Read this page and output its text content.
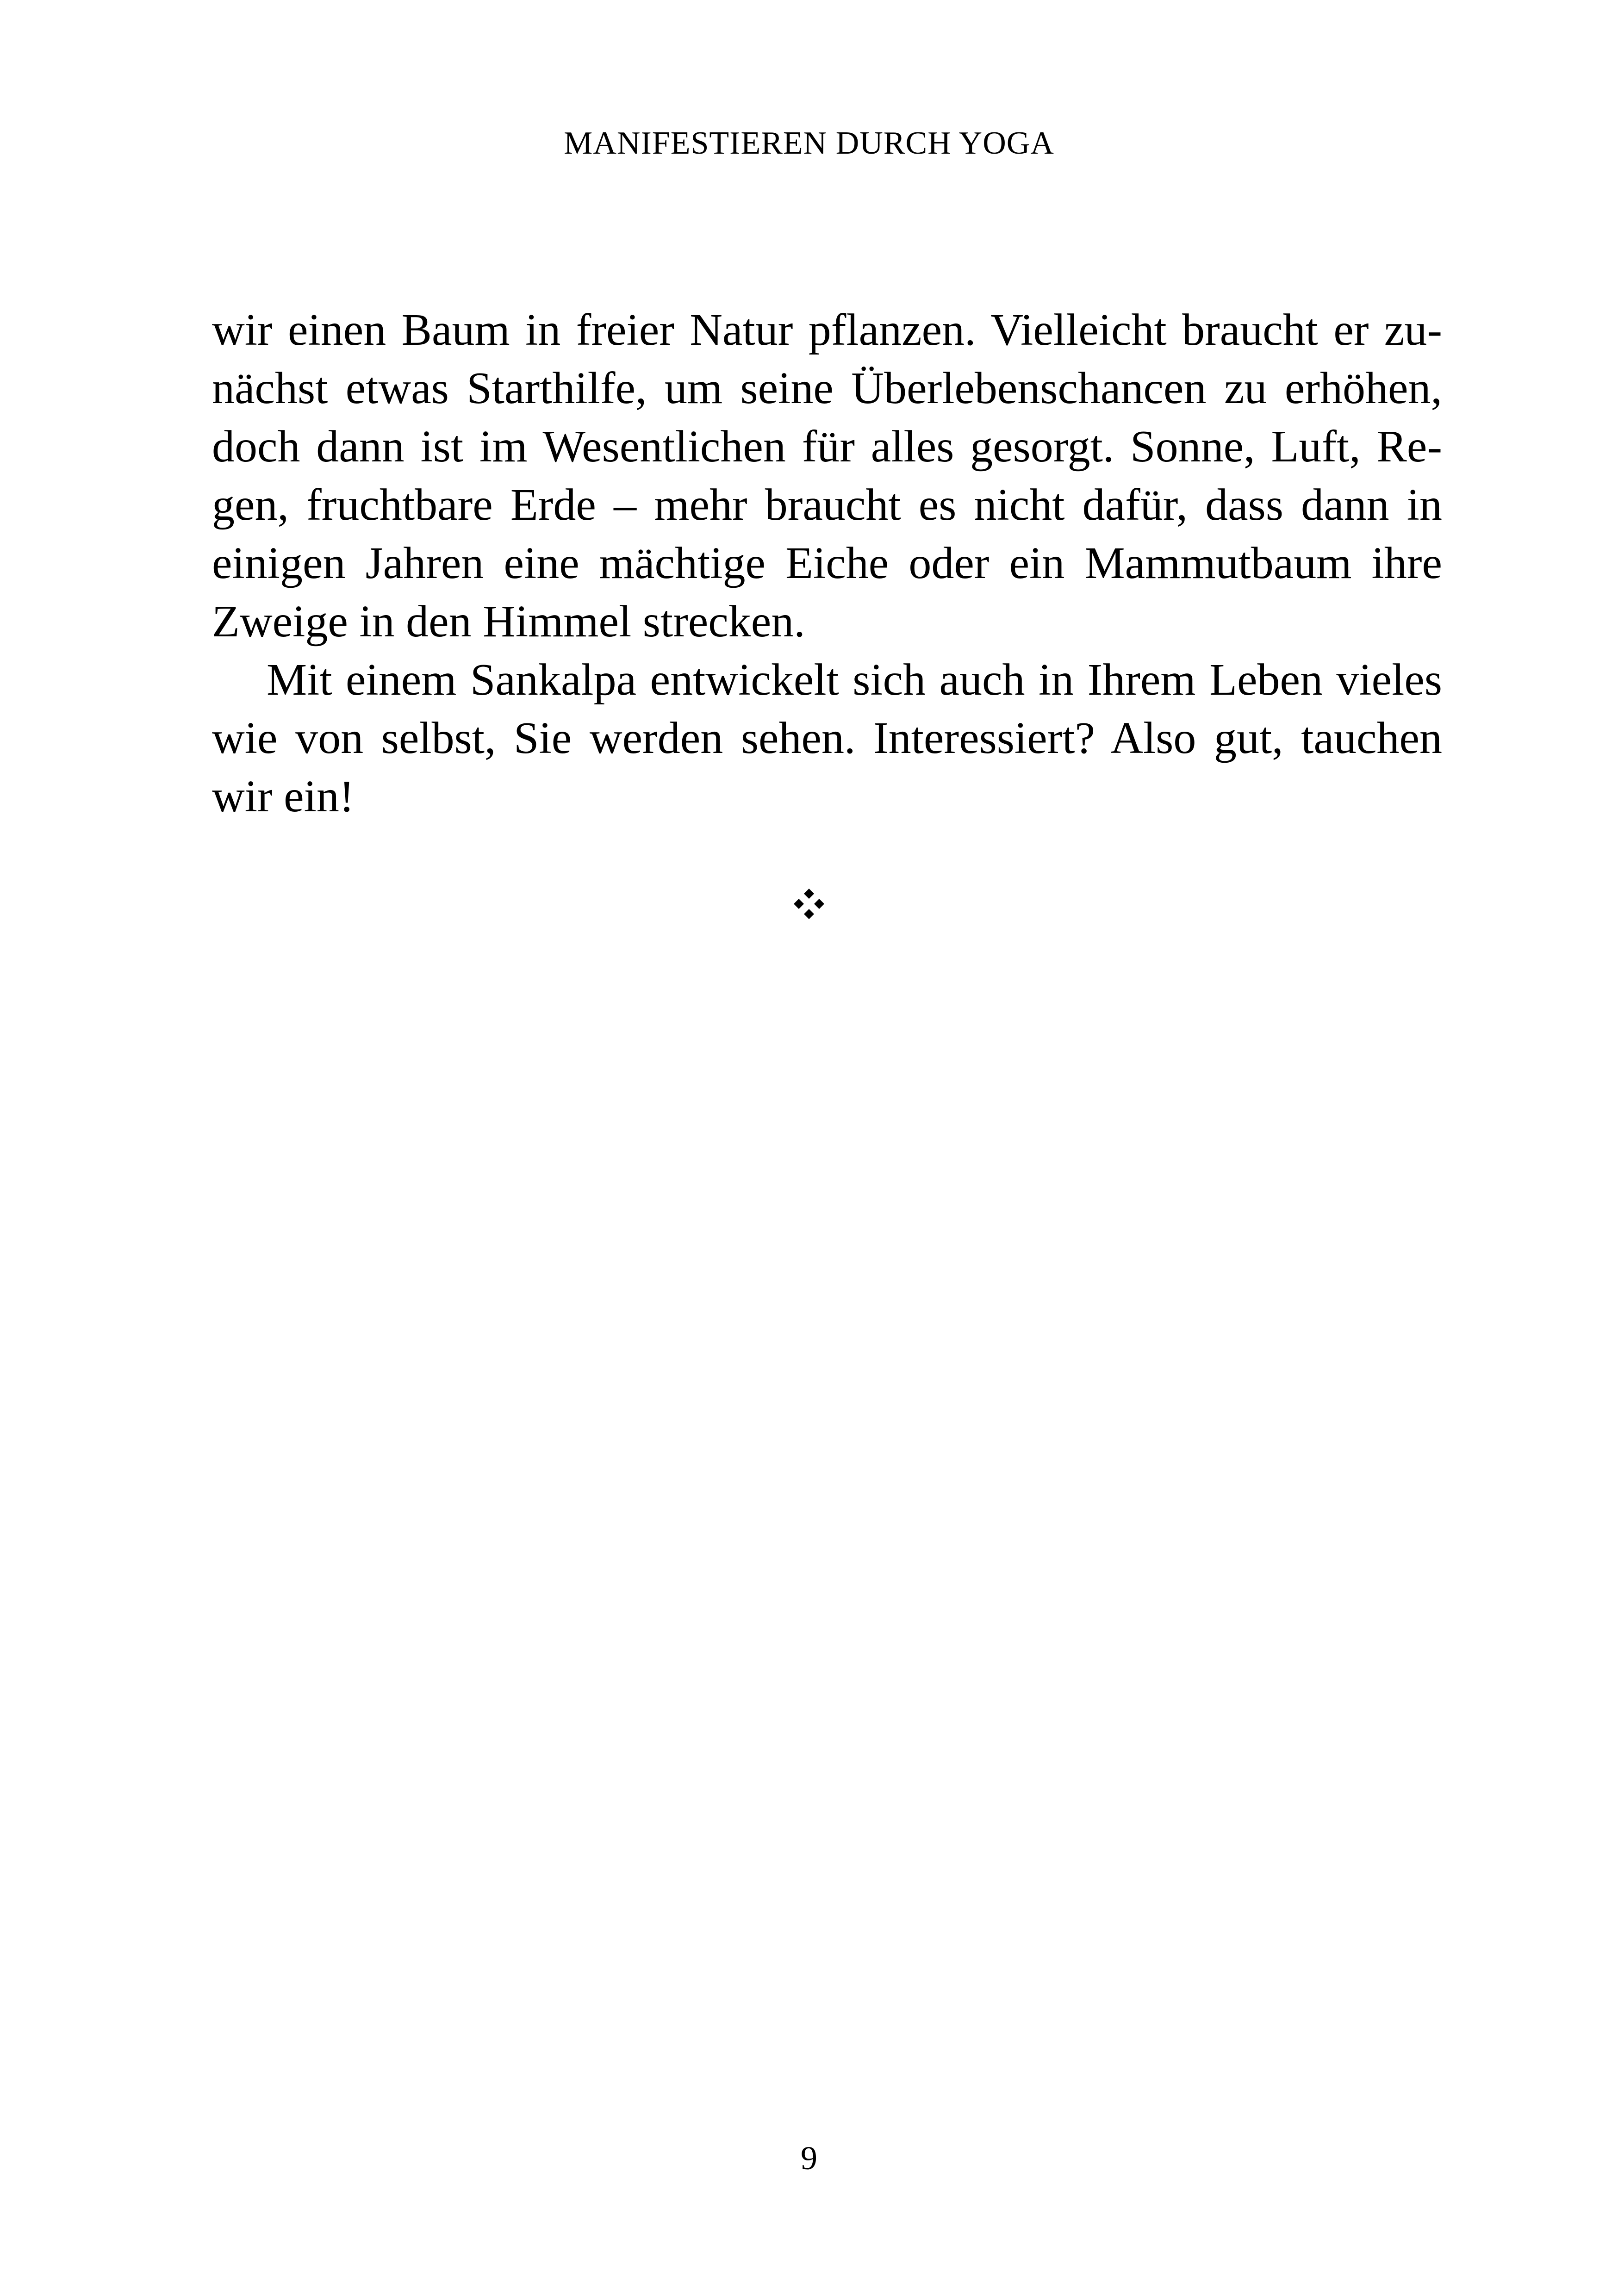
MANIFESTIEREN DURCH YOGA
wir einen Baum in freier Natur pflanzen. Vielleicht braucht er zu-
nächst etwas Starthilfe, um seine Überlebenschancen zu erhöhen,
doch dann ist im Wesentlichen für alles gesorgt. Sonne, Luft, Re-
gen, fruchtbare Erde – mehr braucht es nicht dafür, dass dann in
einigen Jahren eine mächtige Eiche oder ein Mammutbaum ihre
Zweige in den Himmel strecken.
Mit einem Sankalpa entwickelt sich auch in Ihrem Leben vieles
wie von selbst, Sie werden sehen. Interessiert? Also gut, tauchen
wir ein!
9
